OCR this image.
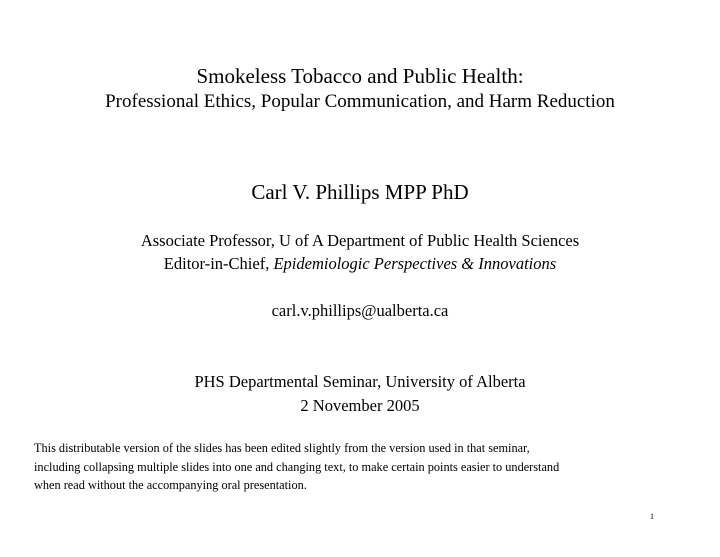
Smokeless Tobacco and Public Health:
Professional Ethics, Popular Communication, and Harm Reduction
Carl V. Phillips MPP PhD
Associate Professor, U of A Department of Public Health Sciences
Editor-in-Chief, Epidemiologic Perspectives & Innovations
carl.v.phillips@ualberta.ca
PHS Departmental Seminar, University of Alberta
2 November 2005
This distributable version of the slides has been edited slightly from the version used in that seminar,
including collapsing multiple slides into one and changing text, to make certain points easier to understand
when read without the accompanying oral presentation.
1
